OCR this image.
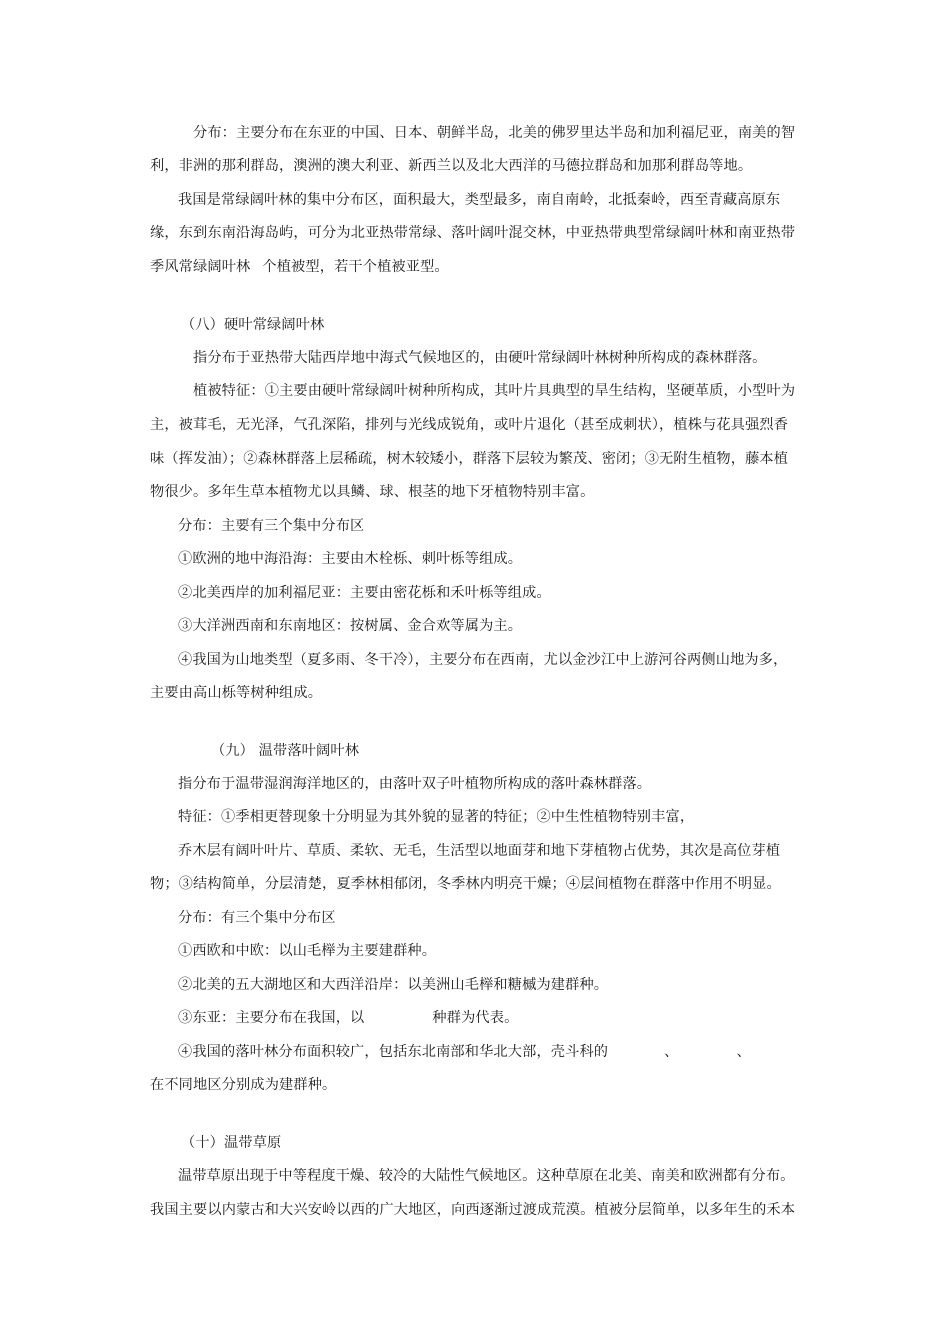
分布：主要分布在东亚的中国、日本、朝鲜半岛，北美的佛罗里达半岛和加利福尼亚，南美的智
利，非洲的那利群岛，澳洲的澳大利亚、新西兰以及北大西洋的马德拉群岛和加那利群岛等地。
我国是常绿阔叶林的集中分布区，面积最大，类型最多，南自南岭，北抵秦岭，西至青藏高原东
缘，东到东南沿海岛屿，可分为北亚热带常绿、落叶阔叶混交林，中亚热带典型常绿阔叶林和南亚热带
季风常绿阔叶林 个植被型，若干个植被亚型。
（八）硬叶常绿阔叶林
指分布于亚热带大陆西岸地中海式气候地区的，由硬叶常绿阔叶林树种所构成的森林群落。
植被特征：①主要由硬叶常绿阔叶树种所构成，其叶片具典型的旱生结构，坚硬革质，小型叶为
主，被茸毛，无光泽，气孔深陷，排列与光线成锐角，或叶片退化（甚至成刺状），植株与花具强烈香
味（挥发油）；②森林群落上层稀疏，树木较矮小，群落下层较为繁茂、密闭；③无附生植物，藤本植
物很少。多年生草本植物尤以具鳞、球、根茎的地下牙植物特别丰富。
分布：主要有三个集中分布区
①欧洲的地中海沿海：主要由木栓栎、刺叶栎等组成。
②北美西岸的加利福尼亚：主要由密花栎和禾叶栎等组成。
③大洋洲西南和东南地区：按树属、金合欢等属为主。
④我国为山地类型（夏多雨、冬干冷），主要分布在西南，尤以金沙江中上游河谷两侧山地为多，
主要由高山栎等树种组成。
（九） 温带落叶阔叶林
指分布于温带湿润海洋地区的，由落叶双子叶植物所构成的落叶森林群落。
特征：①季相更替现象十分明显为其外貌的显著的特征；②中生性植物特别丰富，
乔木层有阔叶叶片、草质、柔软、无毛，生活型以地面芽和地下芽植物占优势，其次是高位芽植
物；③结构简单，分层清楚，夏季林相郁闭，冬季林内明亮干燥；④层间植物在群落中作用不明显。
分布：有三个集中分布区
①西欧和中欧：以山毛榉为主要建群种。
②北美的五大湖地区和大西洋沿岸：以美洲山毛榉和糖槭为建群种。
③东亚：主要分布在我国，以	种群为代表。
④我国的落叶林分布面积较广，包括东北南部和华北大部，壳斗科的	、	、
在不同地区分别成为建群种。
（十）温带草原
温带草原出现于中等程度干燥、较冷的大陆性气候地区。这种草原在北美、南美和欧洲都有分布。
我国主要以内蒙古和大兴安岭以西的广大地区，向西逐渐过渡成荒漠。植被分层简单，以多年生的禾本
